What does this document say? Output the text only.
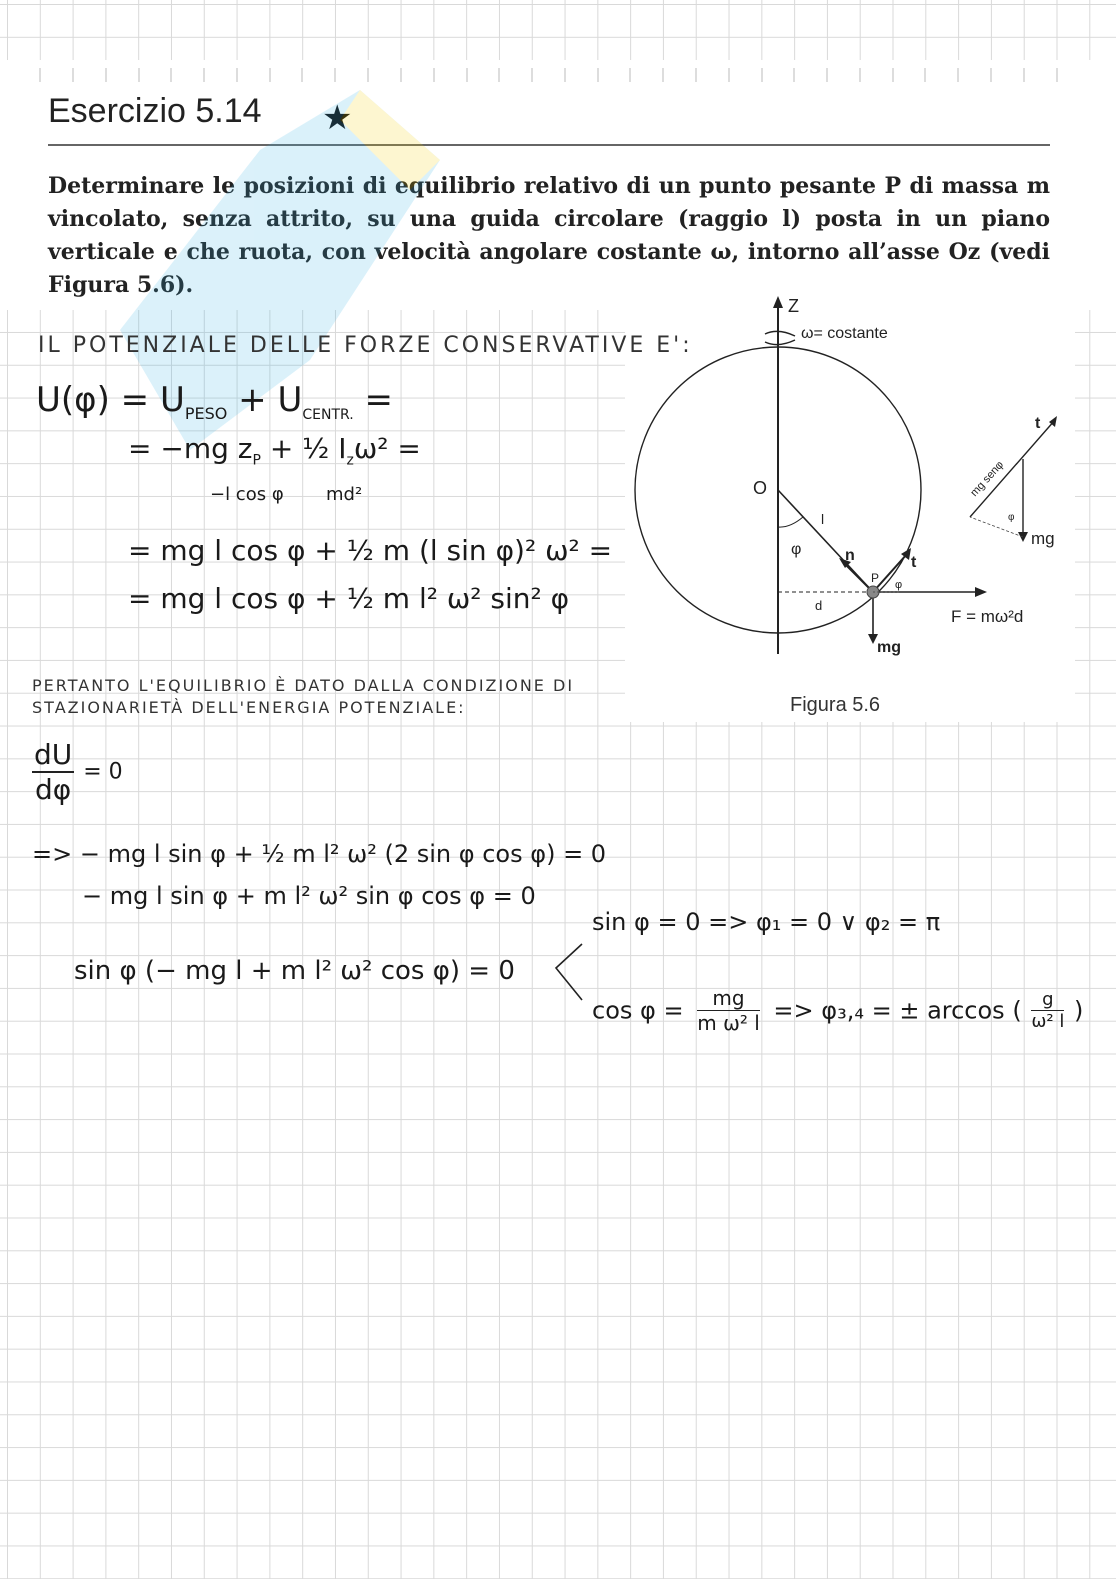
Esercizio 5.14 ★
Determinare le posizioni di equilibrio relativo di un punto pesante P di massa m vincolato, senza attrito, su una guida circolare (raggio l) posta in un piano verticale e che ruota, con velocità angolare costante ω, intorno all’asse Oz (vedi Figura 5.6).
Z
ω= costante
O
l
φ	n	t
P φ
d
F = mω²d
mg
t
mg senφ
φ
mg
Figura 5.6
IL POTENZIALE DELLE FORZE CONSERVATIVE E':
$U(\varphi) = U_{PESO} + U_{CENTR.}$ =
= −mg $z_P$ + ½ $I_z\omega^2$ =
−l cos φ md²
= mg l cos φ + ½ m (l sin φ)² ω² =
= mg l cos φ + ½ m l² ω² sin² φ
PERTANTO L'EQUILIBRIO È DATO DALLA CONDIZIONE DI
STAZIONARIETÀ DELL'ENERGIA POTENZIALE:
$\frac{dU}{d\varphi} = 0$
=> − mg l sin φ + ½ m l² ω² (2 sin φ cos φ) = 0
− mg l sin φ + m l² ω² sin φ cos φ = 0
sin φ (− mg l + m l² ω² cos φ) = 0
sin φ = 0 => φ₁ = 0 ∨ φ₂ = π
$\cos \varphi = \frac{mg}{\text{m ω² l}} => \varphi_3,_4$ = ± arccos ( $\frac{g}{\text{ω² l}}$ )
